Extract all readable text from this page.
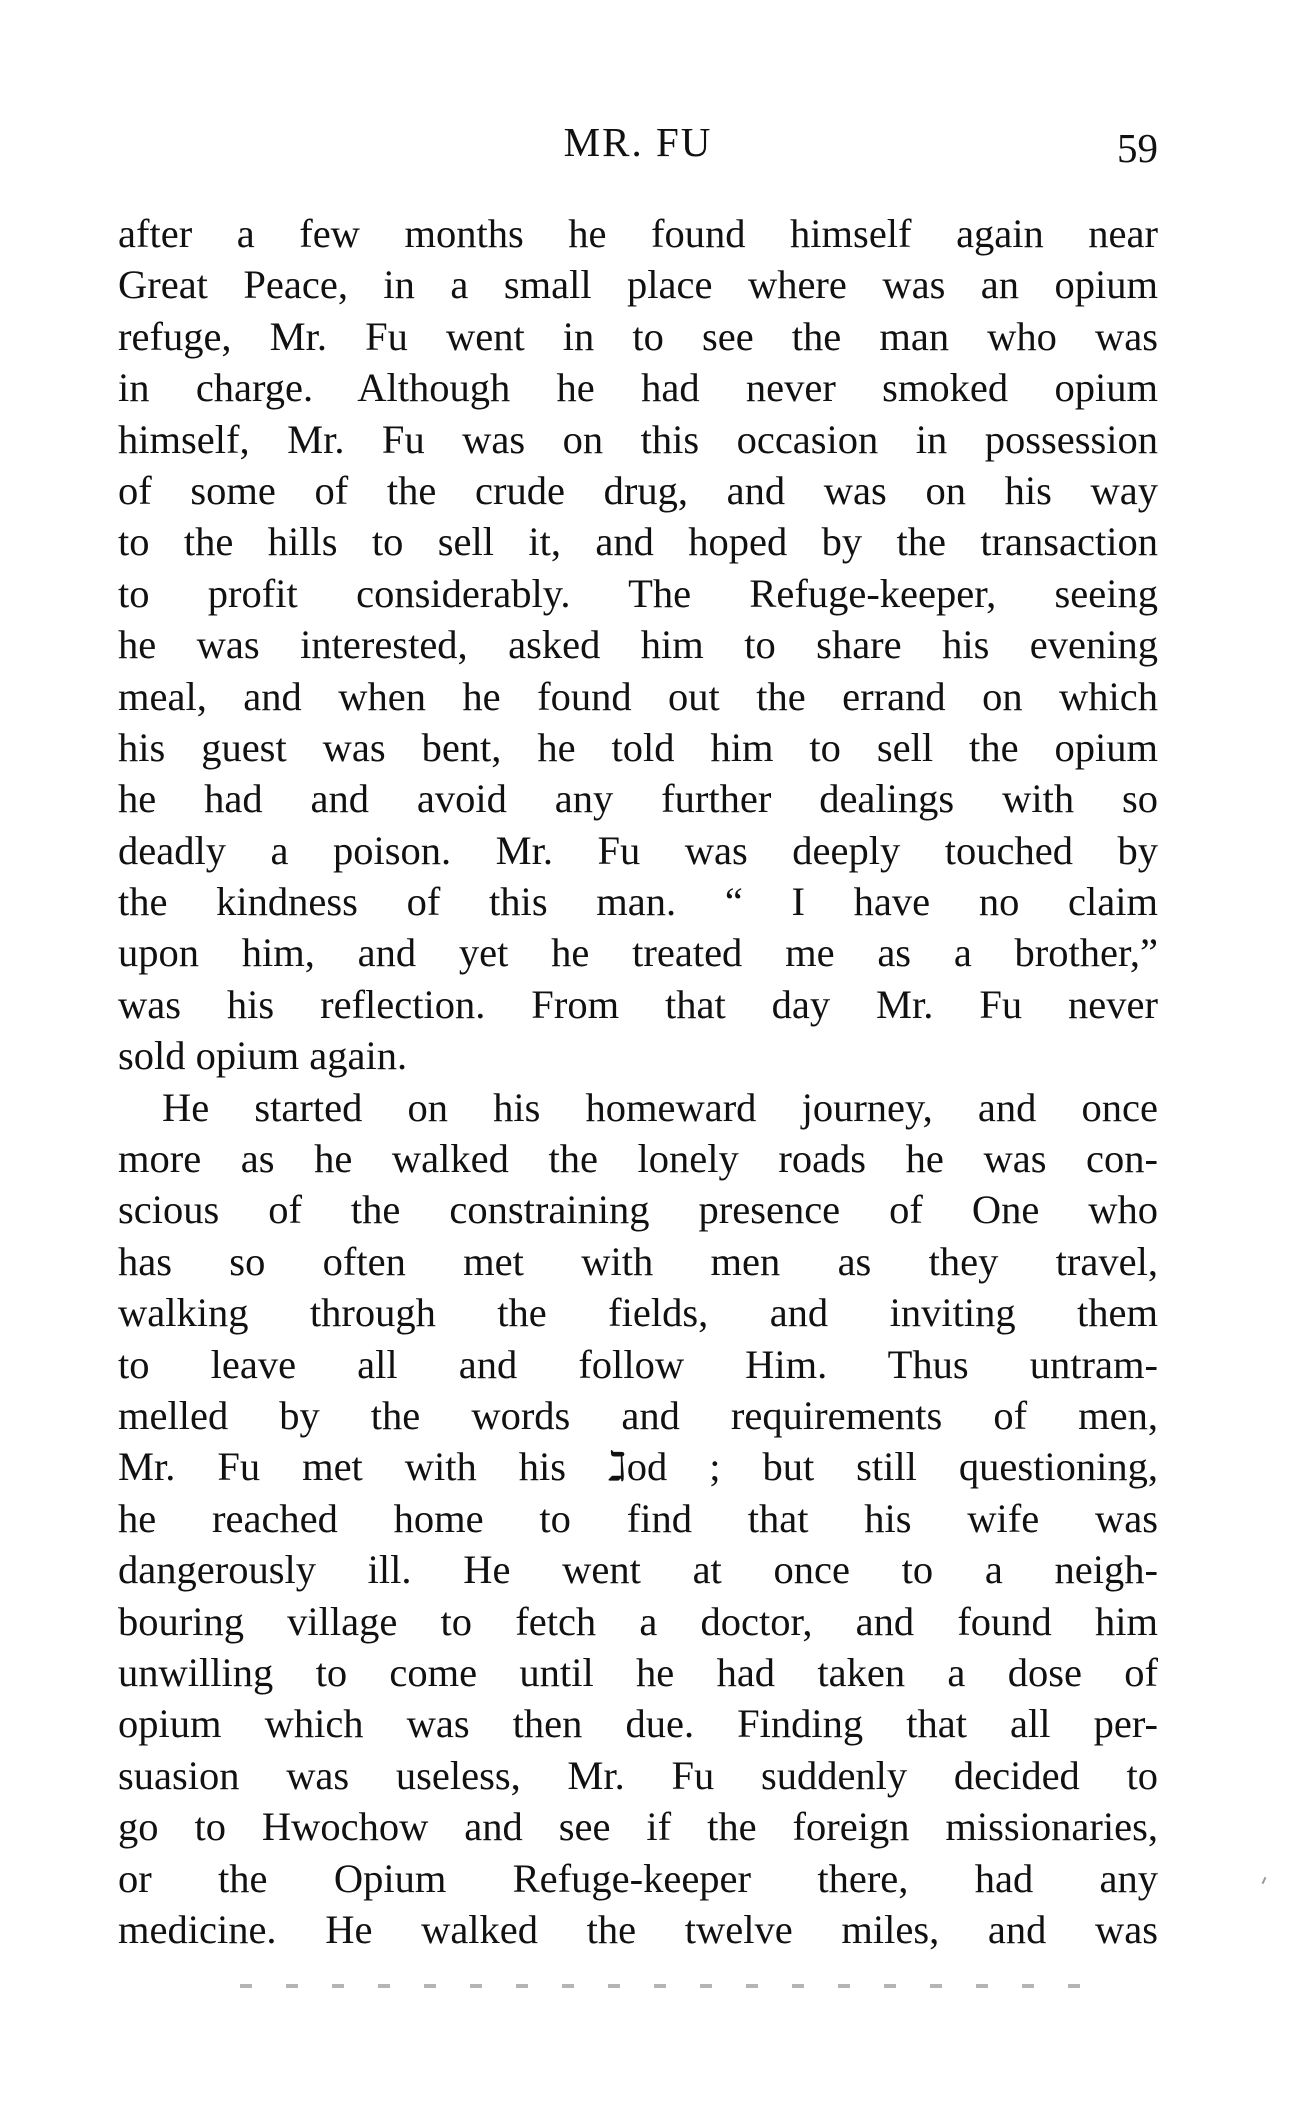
MR. FU	59
after a few months he found himself again near
Great Peace, in a small place where was an opium
refuge, Mr. Fu went in to see the man who was
in charge. Although he had never smoked opium
himself, Mr. Fu was on this occasion in possession
of some of the crude drug, and was on his way
to the hills to sell it, and hoped by the transaction
to profit considerably. The Refuge-keeper, seeing
he was interested, asked him to share his evening
meal, and when he found out the errand on which
his guest was bent, he told him to sell the opium
he had and avoid any further dealings with so
deadly a poison. Mr. Fu was deeply touched by
the kindness of this man. “ I have no claim
upon him, and yet he treated me as a brother,”
was his reflection. From that day Mr. Fu never
sold opium again.
He started on his homeward journey, and once
more as he walked the lonely roads he was con-
scious of the constraining presence of One who
has so often met with men as they travel,
walking through the fields, and inviting them
to leave all and follow Him. Thus untram-
melled by the words and requirements of men,
Mr. Fu met with his ℷod ; but still questioning,
he reached home to find that his wife was
dangerously ill. He went at once to a neigh-
bouring village to fetch a doctor, and found him
unwilling to come until he had taken a dose of
opium which was then due. Finding that all per-
suasion was useless, Mr. Fu suddenly decided to
go to Hwochow and see if the foreign missionaries,
or the Opium Refuge-keeper there, had any
medicine. He walked the twelve miles, and was
